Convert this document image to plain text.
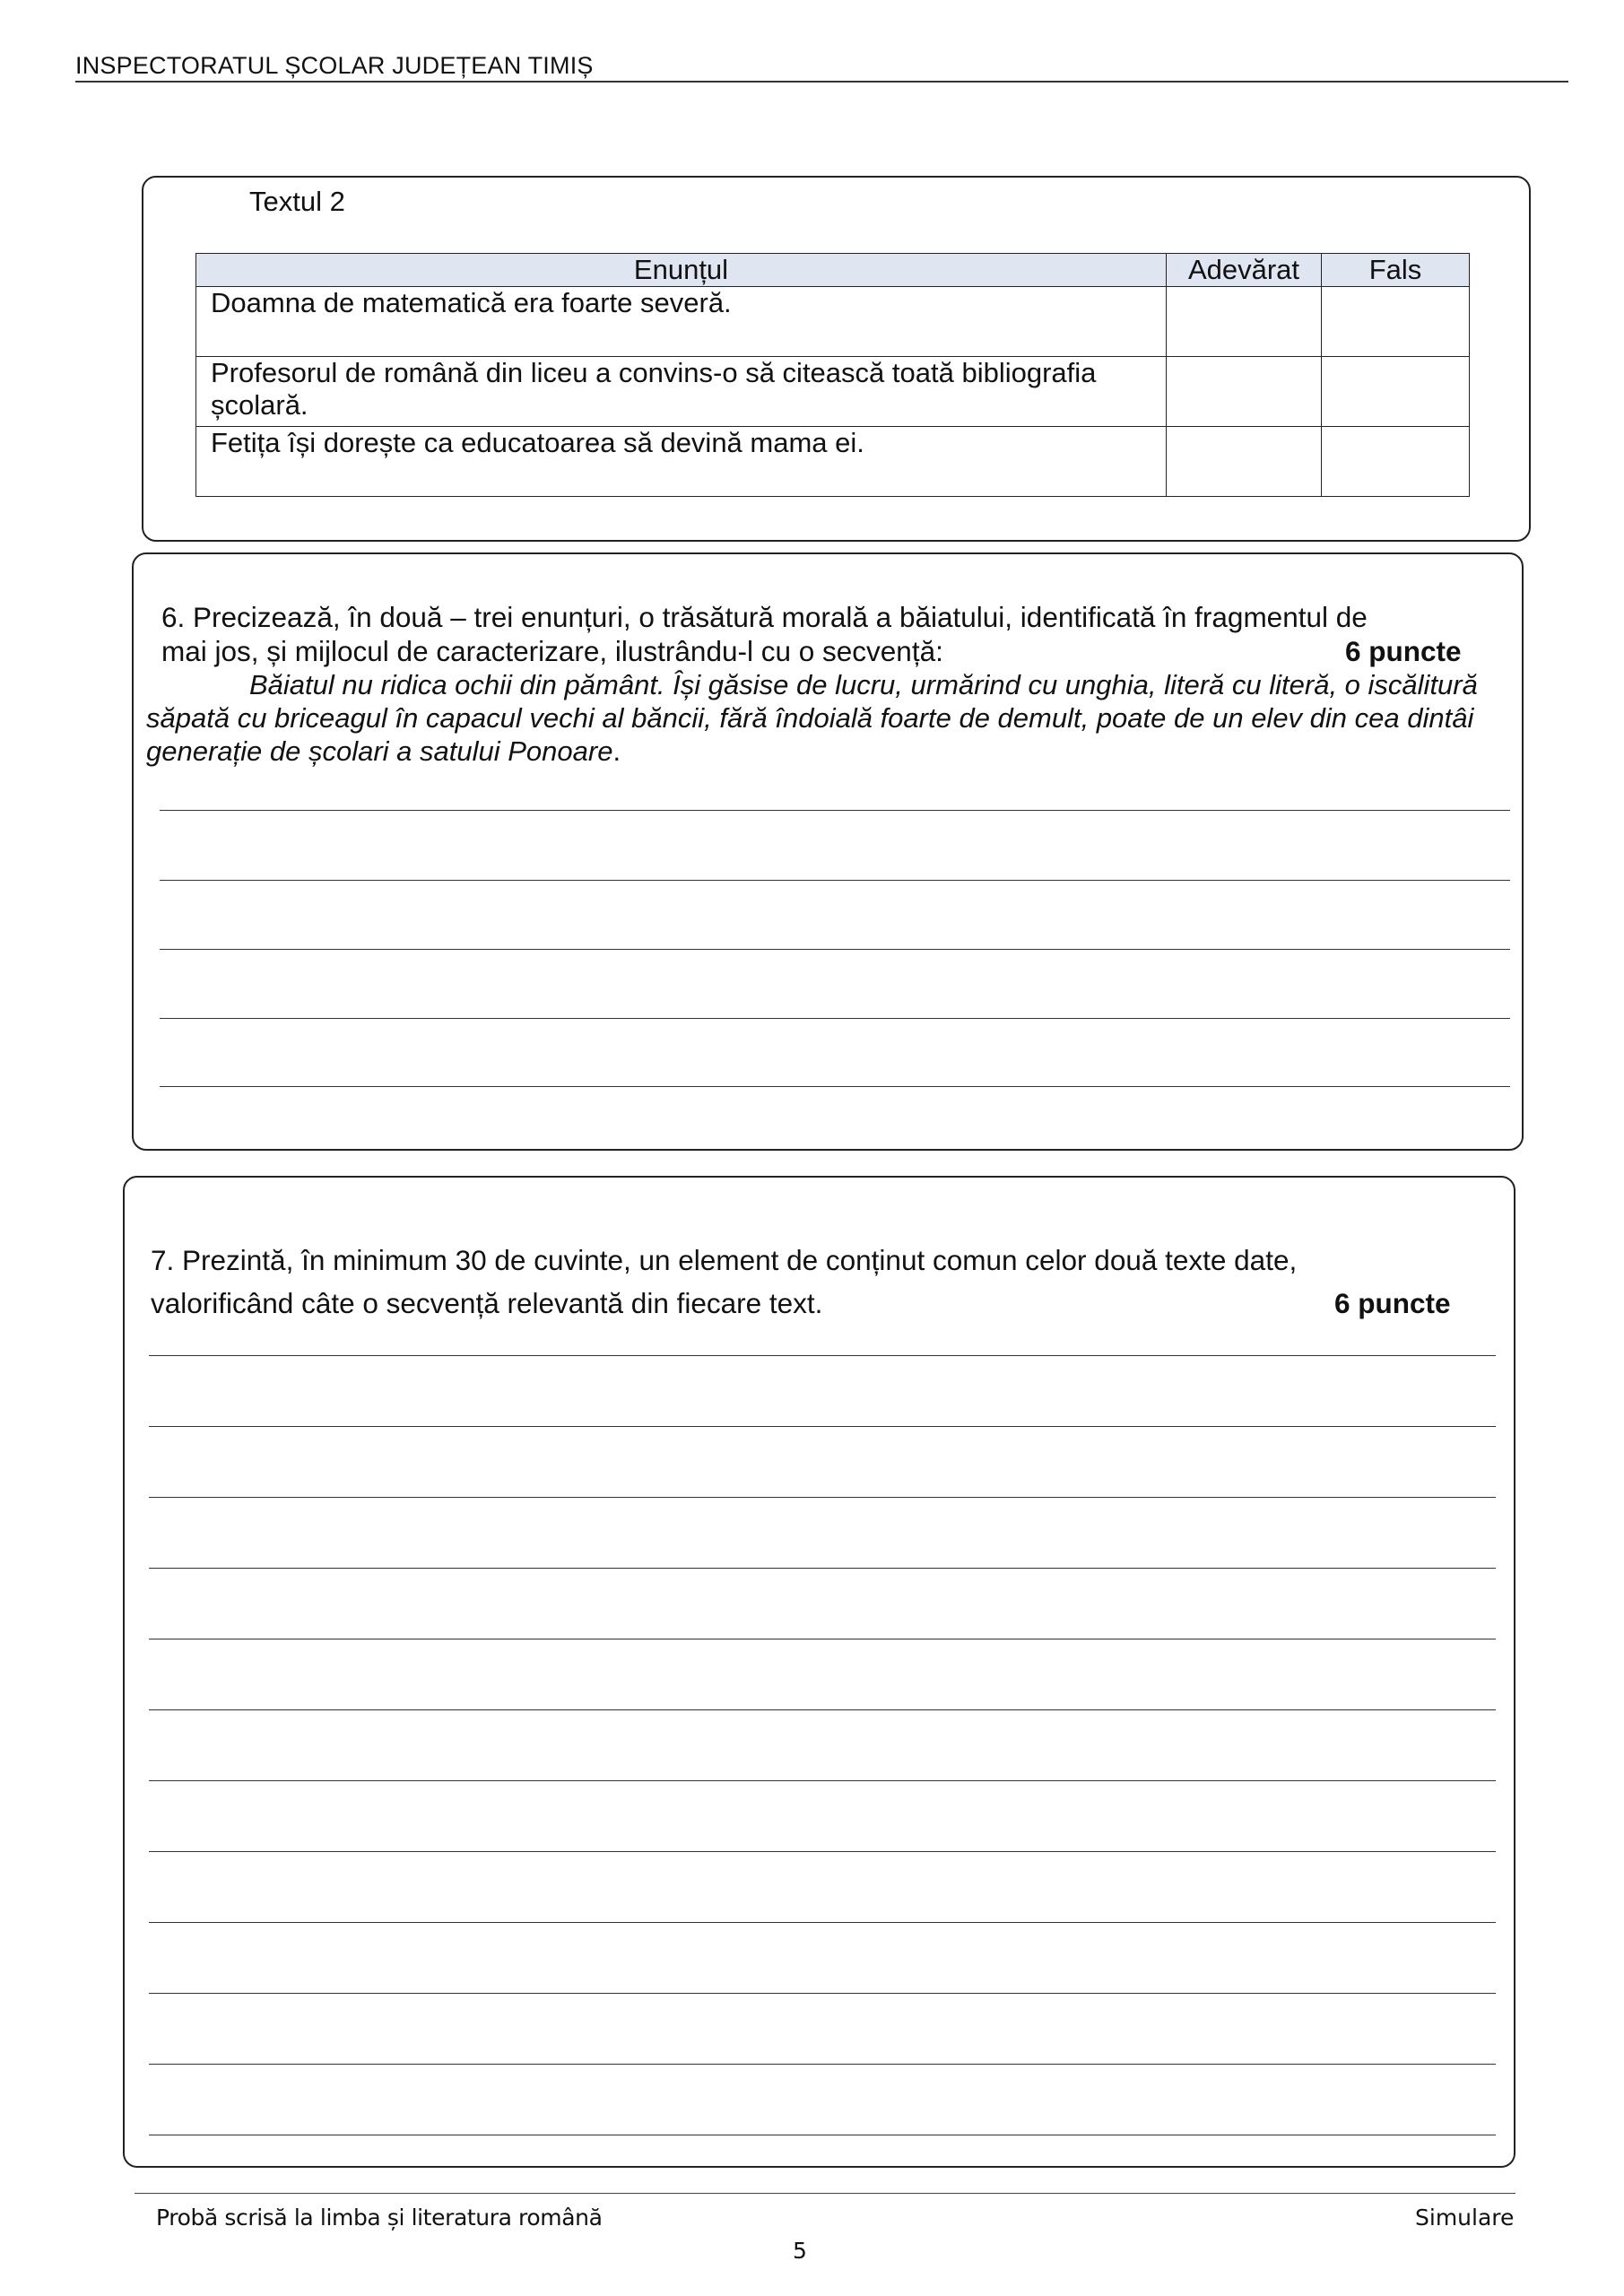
INSPECTORATUL ȘCOLAR JUDEȚEAN TIMIȘ
Textul 2
Enunțul	Adevărat	Fals
Doamna de matematică era foarte severă.		
Profesorul de română din liceu a convins-o să citească toată bibliografia școlară.		
Fetița își dorește ca educatoarea să devină mama ei.		
6. Precizează, în două – trei enunțuri, o trăsătură morală a băiatului, identificată în fragmentul de
mai jos, și mijlocul de caracterizare, ilustrându-l cu o secvență:	6 puncte

Băiatul nu ridica ochii din pământ. Își găsise de lucru, urmărind cu unghia, literă cu literă, o iscălitură săpată cu briceagul în capacul vechi al băncii, fără îndoială foarte de demult, poate de un elev din cea dintâi generație de școlari a satului Ponoare.

7. Prezintă, în minimum 30 de cuvinte, un element de conținut comun celor două texte date,
valorificând câte o secvență relevantă din fiecare text.	6 puncte
Probă scrisă la limba și literatura română	Simulare
5
